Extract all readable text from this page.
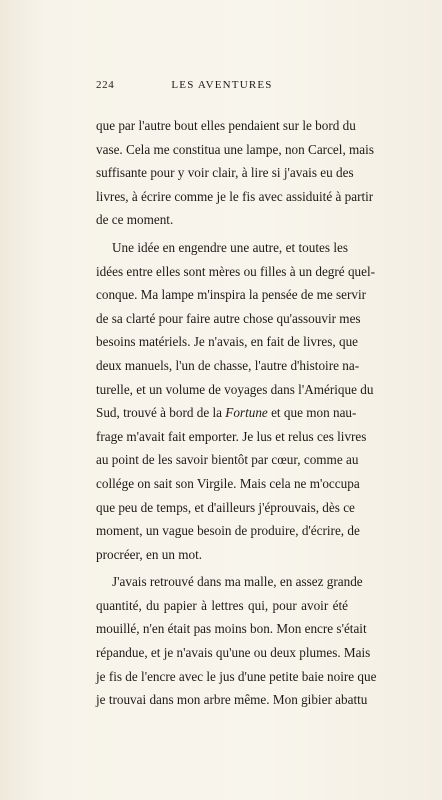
224	LES AVENTURES
que par l'autre bout elles pendaient sur le bord du
vase. Cela me constitua une lampe, non Carcel, mais
suffisante pour y voir clair, à lire si j'avais eu des
livres, à écrire comme je le fis avec assiduité à partir
de ce moment.
Une idée en engendre une autre, et toutes les
idées entre elles sont mères ou filles à un degré quel-
conque. Ma lampe m'inspira la pensée de me servir
de sa clarté pour faire autre chose qu'assouvir mes
besoins matériels. Je n'avais, en fait de livres, que
deux manuels, l'un de chasse, l'autre d'histoire na-
turelle, et un volume de voyages dans l'Amérique du
Sud, trouvé à bord de la Fortune et que mon nau-
frage m'avait fait emporter. Je lus et relus ces livres
au point de les savoir bientôt par cœur, comme au
collége on sait son Virgile. Mais cela ne m'occupa
que peu de temps, et d'ailleurs j'éprouvais, dès ce
moment, un vague besoin de produire, d'écrire, de
procréer, en un mot.
J'avais retrouvé dans ma malle, en assez grande
quantité, du papier à lettres qui, pour avoir été
mouillé, n'en était pas moins bon. Mon encre s'était
répandue, et je n'avais qu'une ou deux plumes. Mais
je fis de l'encre avec le jus d'une petite baie noire que
je trouvai dans mon arbre même. Mon gibier abattu
